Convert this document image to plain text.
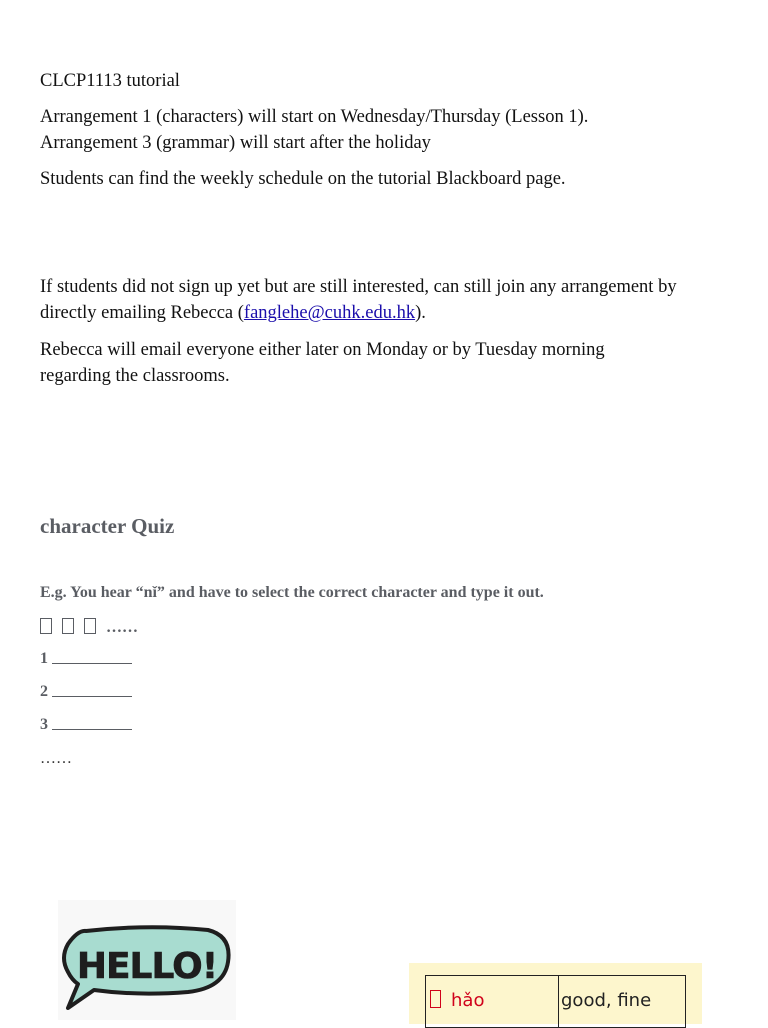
CLCP1113 tutorial

Arrangement 1 (characters) will start on Wednesday/Thursday (Lesson 1).
Arrangement 3 (grammar) will start after the holiday

Students can find the weekly schedule on the tutorial Blackboard page.

If students did not sign up yet but are still interested, can still join any arrangement by directly emailing Rebecca (fanglehe@cuhk.edu.hk).

Rebecca will email everyone either later on Monday or by Tuesday morning regarding the classrooms.

character Quiz

E.g. You hear “nǐ” and have to select the correct character and type it out.

……

1

2

3

……

HELLO!
hǎo	good, fine
